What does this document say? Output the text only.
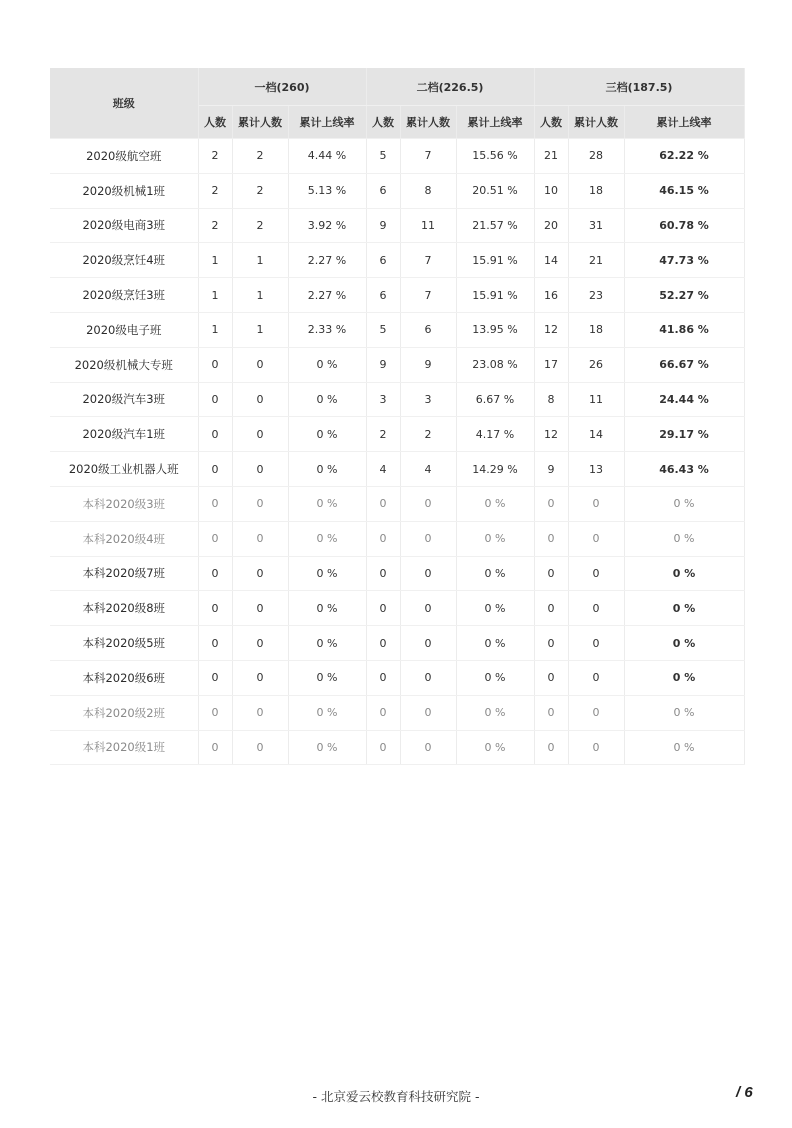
班级	一档(260)			二档(226.5)			三档(187.5)		
	人数	累计人数	累计上线率	人数	累计人数	累计上线率	人数	累计人数	累计上线率
2020级航空班	2	2	4.44 %	5	7	15.56 %	21	28	62.22 %
2020级机械1班	2	2	5.13 %	6	8	20.51 %	10	18	46.15 %
2020级电商3班	2	2	3.92 %	9	11	21.57 %	20	31	60.78 %
2020级烹饪4班	1	1	2.27 %	6	7	15.91 %	14	21	47.73 %
2020级烹饪3班	1	1	2.27 %	6	7	15.91 %	16	23	52.27 %
2020级电子班	1	1	2.33 %	5	6	13.95 %	12	18	41.86 %
2020级机械大专班	0	0	0 %	9	9	23.08 %	17	26	66.67 %
2020级汽车3班	0	0	0 %	3	3	6.67 %	8	11	24.44 %
2020级汽车1班	0	0	0 %	2	2	4.17 %	12	14	29.17 %
2020级工业机器人班	0	0	0 %	4	4	14.29 %	9	13	46.43 %
本科2020级3班	0	0	0 %	0	0	0 %	0	0	0 %
本科2020级4班	0	0	0 %	0	0	0 %	0	0	0 %
本科2020级7班	0	0	0 %	0	0	0 %	0	0	0 %
本科2020级8班	0	0	0 %	0	0	0 %	0	0	0 %
本科2020级5班	0	0	0 %	0	0	0 %	0	0	0 %
本科2020级6班	0	0	0 %	0	0	0 %	0	0	0 %
本科2020级2班	0	0	0 %	0	0	0 %	0	0	0 %
本科2020级1班	0	0	0 %	0	0	0 %	0	0	0 %
- 北京爱云校教育科技研究院 -	/ 6
